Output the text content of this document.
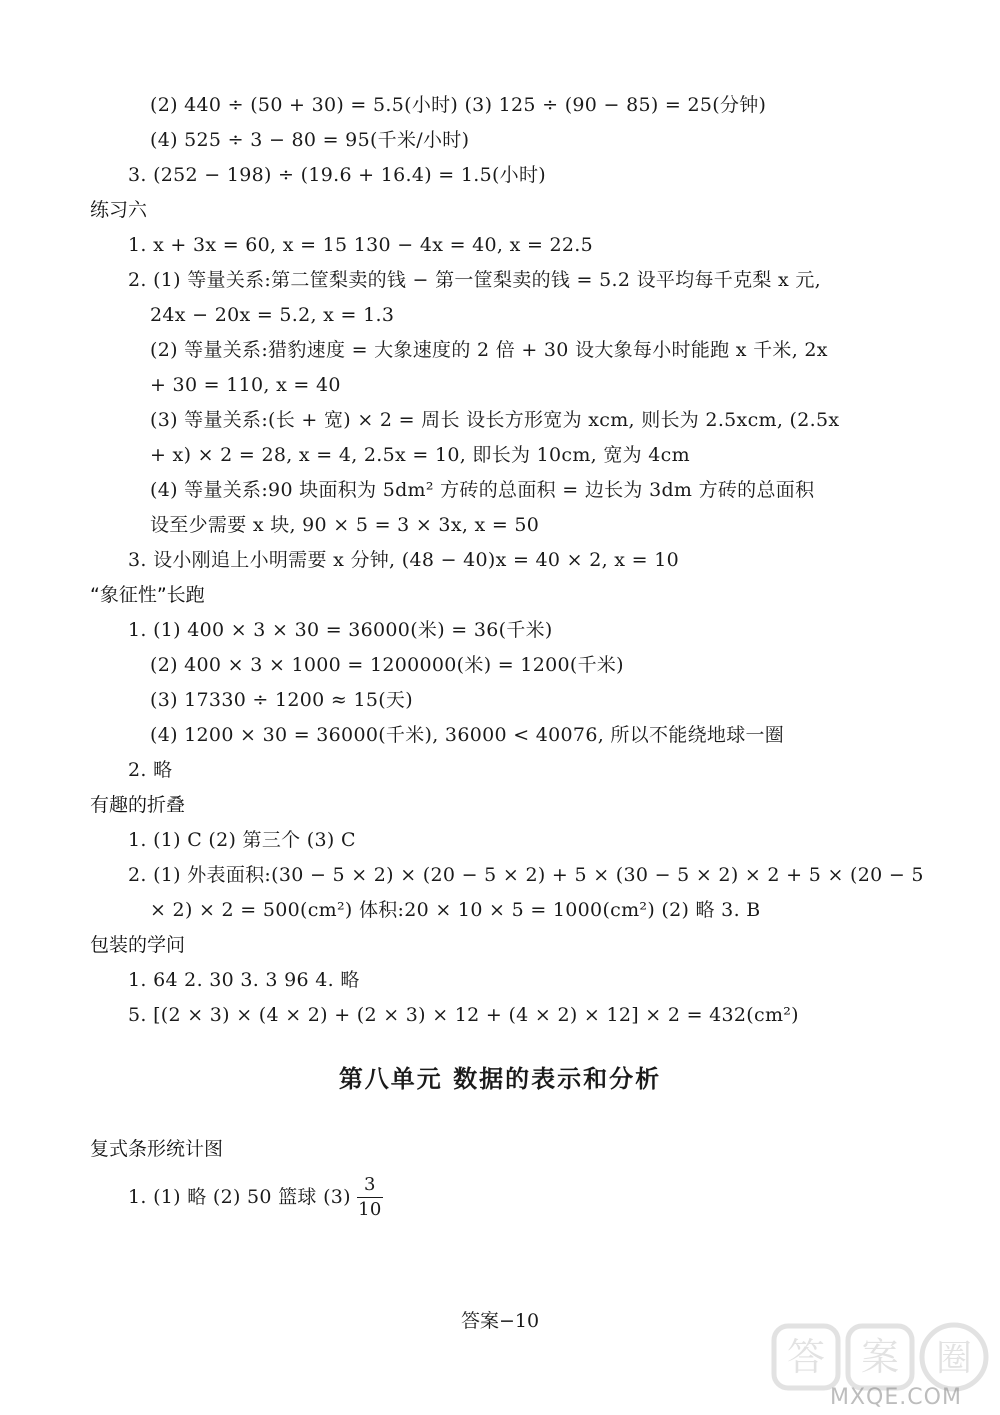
(2) 440 ÷ (50 + 30) = 5.5(小时) (3) 125 ÷ (90 − 85) = 25(分钟)
(4) 525 ÷ 3 − 80 = 95(千米/小时)
3. (252 − 198) ÷ (19.6 + 16.4) = 1.5(小时)
练习六
1. x + 3x = 60, x = 15 130 − 4x = 40, x = 22.5
2. (1) 等量关系:第二筐梨卖的钱 − 第一筐梨卖的钱 = 5.2 设平均每千克梨 x 元,
24x − 20x = 5.2, x = 1.3
(2) 等量关系:猎豹速度 = 大象速度的 2 倍 + 30 设大象每小时能跑 x 千米, 2x
+ 30 = 110, x = 40
(3) 等量关系:(长 + 宽) × 2 = 周长 设长方形宽为 xcm, 则长为 2.5xcm, (2.5x
+ x) × 2 = 28, x = 4, 2.5x = 10, 即长为 10cm, 宽为 4cm
(4) 等量关系:90 块面积为 5dm² 方砖的总面积 = 边长为 3dm 方砖的总面积
设至少需要 x 块, 90 × 5 = 3 × 3x, x = 50
3. 设小刚追上小明需要 x 分钟, (48 − 40)x = 40 × 2, x = 10
“象征性”长跑
1. (1) 400 × 3 × 30 = 36000(米) = 36(千米)
(2) 400 × 3 × 1000 = 1200000(米) = 1200(千米)
(3) 17330 ÷ 1200 ≈ 15(天)
(4) 1200 × 30 = 36000(千米), 36000 < 40076, 所以不能绕地球一圈
2. 略
有趣的折叠
1. (1) C (2) 第三个 (3) C
2. (1) 外表面积:(30 − 5 × 2) × (20 − 5 × 2) + 5 × (30 − 5 × 2) × 2 + 5 × (20 − 5
× 2) × 2 = 500(cm²) 体积:20 × 10 × 5 = 1000(cm²) (2) 略 3. B
包装的学问
1. 64 2. 30 3. 3 96 4. 略
5. [(2 × 3) × (4 × 2) + (2 × 3) × 12 + (4 × 2) × 12] × 2 = 432(cm²)
第八单元 数据的表示和分析
复式条形统计图
1. (1) 略 (2) 50 篮球 $(3) \frac{3}{10}$
答案−10
答 案 圈
MXQE.COM
